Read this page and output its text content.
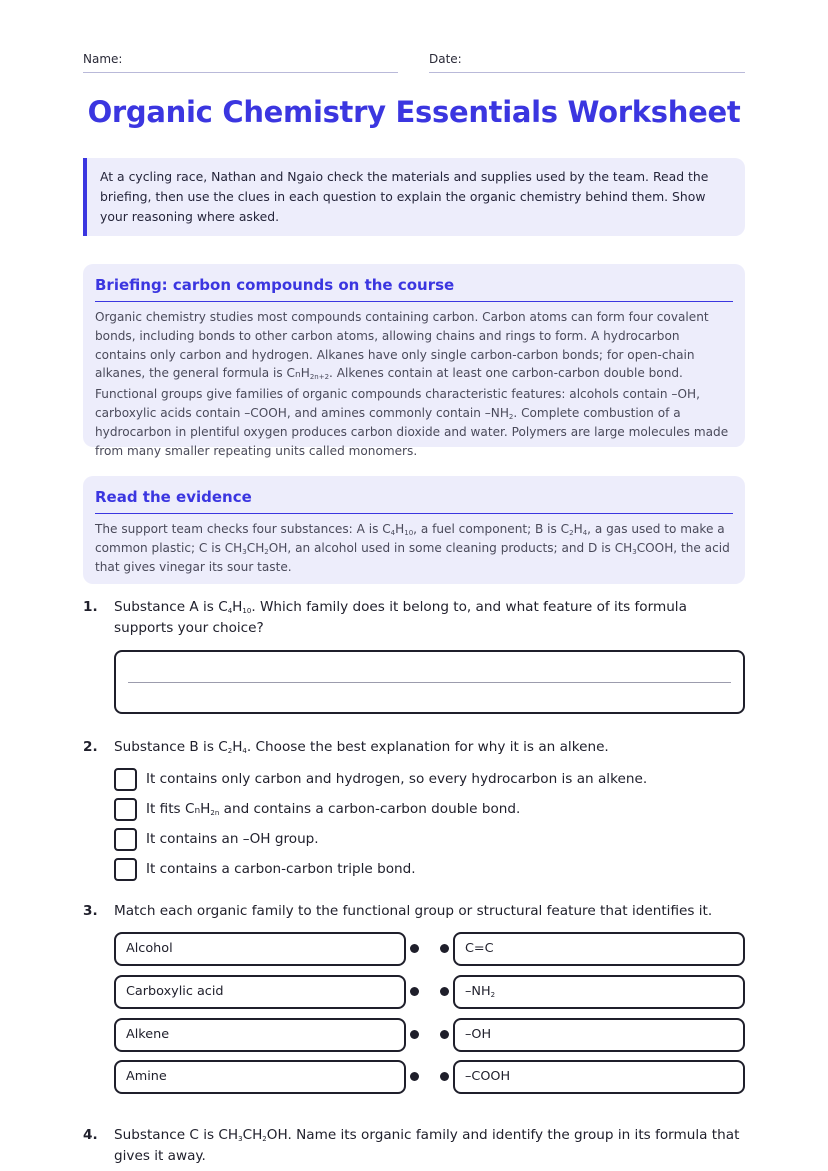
Name:	Date:
Organic Chemistry Essentials Worksheet
At a cycling race, Nathan and Ngaio check the materials and supplies used by the team. Read the briefing, then use the clues in each question to explain the organic chemistry behind them. Show your reasoning where asked.
Briefing: carbon compounds on the course

Organic chemistry studies most compounds containing carbon. Carbon atoms can form four covalent bonds, including bonds to other carbon atoms, allowing chains and rings to form. A hydrocarbon contains only carbon and hydrogen. Alkanes have only single carbon-carbon bonds; for open-chain alkanes, the general formula is CnH$_{2n+2}$. Alkenes contain at least one carbon-carbon double bond. Functional groups give families of organic compounds characteristic features: alcohols contain –OH, carboxylic acids contain –COOH, and amines commonly contain $-NH_2$. Complete combustion of a hydrocarbon in plentiful oxygen produces carbon dioxide and water. Polymers are large molecules made from many smaller repeating units called monomers.

Read the evidence

The support team checks four substances: A is $C_4H_{10}$, a fuel component; B is $C_2H_4$, a gas used to make a common plastic; C is $CH_3CH_2OH$, an alcohol used in some cleaning products; and D is $CH_3COOH$, the acid that gives vinegar its sour taste.

1. Substance A is $C_4H_{10}$. Which family does it belong to, and what feature of its formula supports your choice?
2. Substance B is $C_2H_4$. Choose the best explanation for why it is an alkene.
It contains only carbon and hydrogen, so every hydrocarbon is an alkene.
It fits CnH$_{2n}$ and contains a carbon-carbon double bond.
It contains an –OH group.
It contains a carbon-carbon triple bond.
3. Match each organic family to the functional group or structural feature that identifies it.
Alcohol
Carboxylic acid
Alkene
Amine
C=C
$-NH_2$
–OH
–COOH
4. Substance C is $CH_3CH_2OH$. Name its organic family and identify the group in its formula that gives it away.
